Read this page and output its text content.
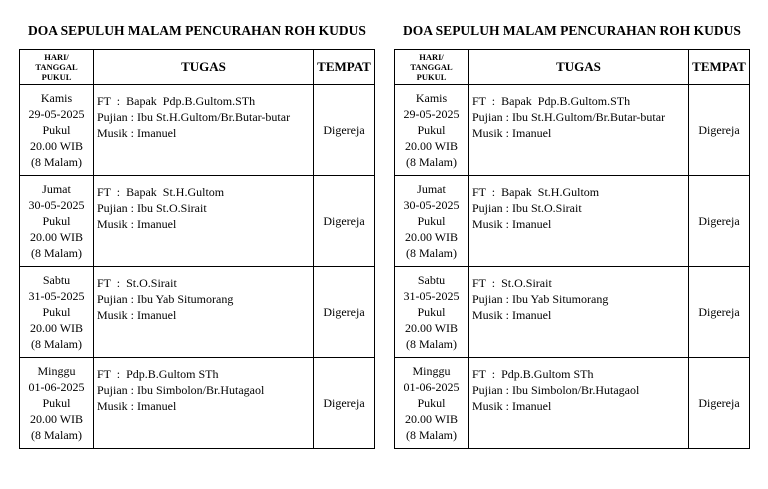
DOA SEPULUH MALAM PENCURAHAN ROH KUDUS
HARI/
TANGGAL
PUKUL	TUGAS	TEMPAT

Kamis
29-05-2025
Pukul
20.00 WIB
(8 Malam)	FT  :  Bapak  Pdp.B.Gultom.STh
Pujian : Ibu St.H.Gultom/Br.Butar-butar
Musik : Imanuel	Digereja

Jumat
30-05-2025
Pukul
20.00 WIB
(8 Malam)	FT  :  Bapak  St.H.Gultom
Pujian : Ibu St.O.Sirait
Musik : Imanuel	Digereja

Sabtu
31-05-2025
Pukul
20.00 WIB
(8 Malam)	FT  :  St.O.Sirait
Pujian : Ibu Yab Situmorang
Musik : Imanuel	Digereja

Minggu
01-06-2025
Pukul
20.00 WIB
(8 Malam)	FT  :  Pdp.B.Gultom STh
Pujian : Ibu Simbolon/Br.Hutagaol
Musik : Imanuel	Digereja
DOA SEPULUH MALAM PENCURAHAN ROH KUDUS
HARI/
TANGGAL
PUKUL	TUGAS	TEMPAT

Kamis
29-05-2025
Pukul
20.00 WIB
(8 Malam)	FT  :  Bapak  Pdp.B.Gultom.STh
Pujian : Ibu St.H.Gultom/Br.Butar-butar
Musik : Imanuel	Digereja

Jumat
30-05-2025
Pukul
20.00 WIB
(8 Malam)	FT  :  Bapak  St.H.Gultom
Pujian : Ibu St.O.Sirait
Musik : Imanuel	Digereja

Sabtu
31-05-2025
Pukul
20.00 WIB
(8 Malam)	FT  :  St.O.Sirait
Pujian : Ibu Yab Situmorang
Musik : Imanuel	Digereja

Minggu
01-06-2025
Pukul
20.00 WIB
(8 Malam)	FT  :  Pdp.B.Gultom STh
Pujian : Ibu Simbolon/Br.Hutagaol
Musik : Imanuel	Digereja
